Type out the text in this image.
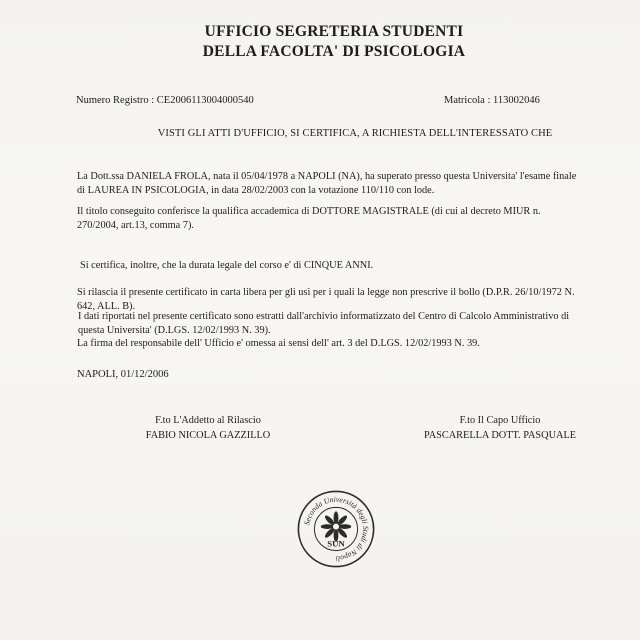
UFFICIO SEGRETERIA STUDENTI
DELLA FACOLTA' DI PSICOLOGIA
Numero Registro : CE2006113004000540	Matricola : 113002046
VISTI GLI ATTI D'UFFICIO, SI CERTIFICA, A RICHIESTA DELL'INTERESSATO CHE
La Dott.ssa DANIELA FROLA, nata il 05/04/1978 a NAPOLI (NA), ha superato presso questa Universita' l'esame finale di LAUREA IN PSICOLOGIA, in data 28/02/2003 con la votazione 110/110 con lode.
Il titolo conseguito conferisce la qualifica accademica di DOTTORE MAGISTRALE (di cui al decreto MIUR n. 270/2004, art.13, comma 7).
Si certifica, inoltre, che la durata legale del corso e' di CINQUE ANNI.
Si rilascia il presente certificato in carta libera per gli usi per i quali la legge non prescrive il bollo (D.P.R. 26/10/1972 N. 642, ALL. B).
I dati riportati nel presente certificato sono estratti dall'archivio informatizzato del Centro di Calcolo Amministrativo di questa Universita' (D.LGS. 12/02/1993 N. 39).
La firma del responsabile dell' Ufficio e' omessa ai sensi dell' art. 3 del D.LGS. 12/02/1993 N. 39.
NAPOLI, 01/12/2006
F.to L'Addetto al Rilascio
FABIO NICOLA GAZZILLO
F.to Il Capo Ufficio
PASCARELLA DOTT. PASQUALE
Seconda Università degli Studi di Napoli
SUN
